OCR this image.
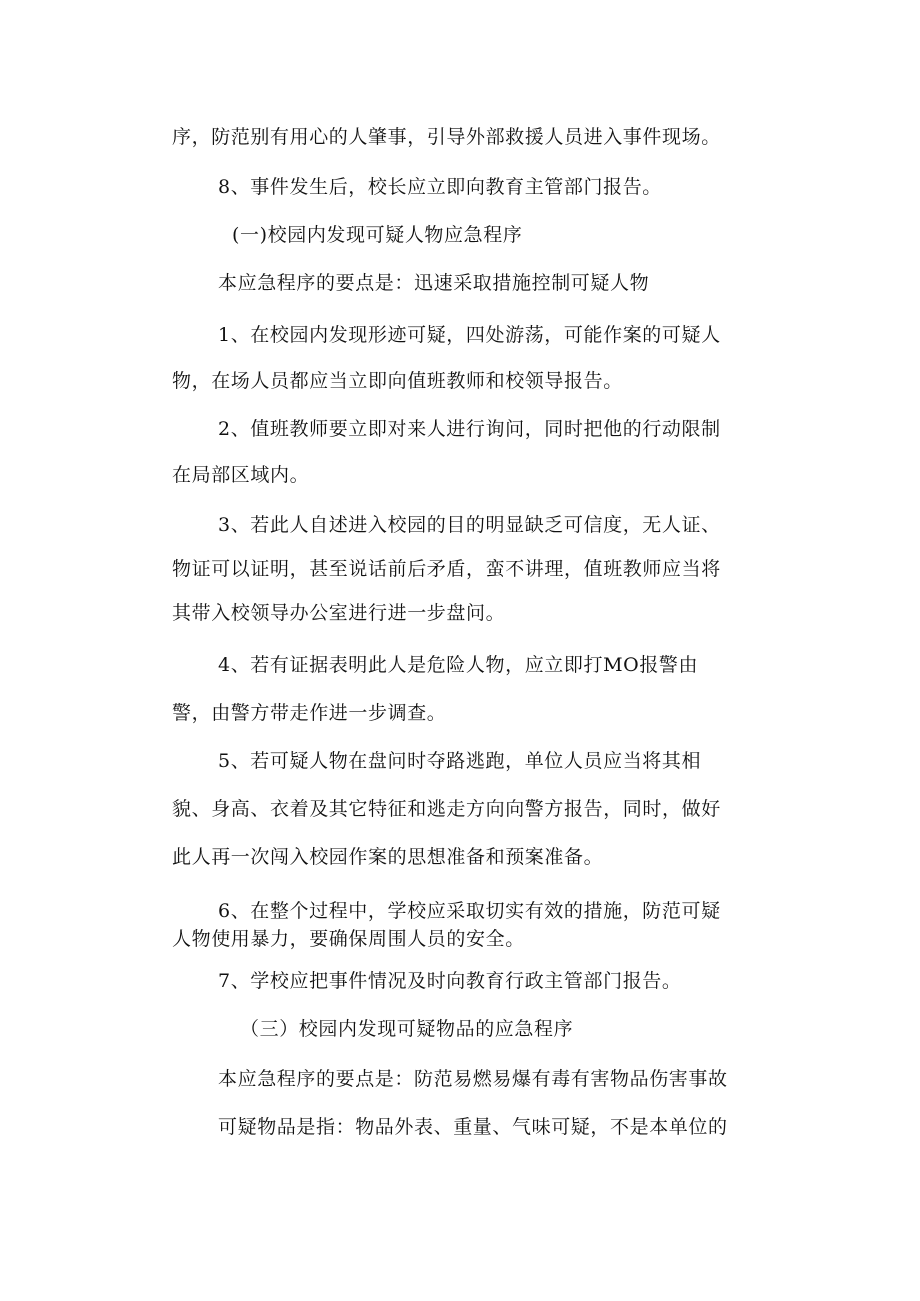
序，防范别有用心的人肇事，引导外部救援人员进入事件现场。
8、事件发生后，校长应立即向教育主管部门报告。
(一)校园内发现可疑人物应急程序
本应急程序的要点是：迅速采取措施控制可疑人物
1、在校园内发现形迹可疑，四处游荡，可能作案的可疑人
物，在场人员都应当立即向值班教师和校领导报告。
2、值班教师要立即对来人进行询问，同时把他的行动限制
在局部区域内。
3、若此人自述进入校园的目的明显缺乏可信度，无人证、
物证可以证明，甚至说话前后矛盾，蛮不讲理，值班教师应当将
其带入校领导办公室进行进一步盘问。
4、若有证据表明此人是危险人物，应立即打MO报警由
警，由警方带走作进一步调查。
5、若可疑人物在盘问时夺路逃跑，单位人员应当将其相
貌、身高、衣着及其它特征和逃走方向向警方报告，同时，做好
此人再一次闯入校园作案的思想准备和预案准备。
6、在整个过程中，学校应采取切实有效的措施，防范可疑
人物使用暴力，要确保周围人员的安全。
7、学校应把事件情况及时向教育行政主管部门报告。
（三）校园内发现可疑物品的应急程序
本应急程序的要点是：防范易燃易爆有毒有害物品伤害事故
可疑物品是指：物品外表、重量、气味可疑，不是本单位的
